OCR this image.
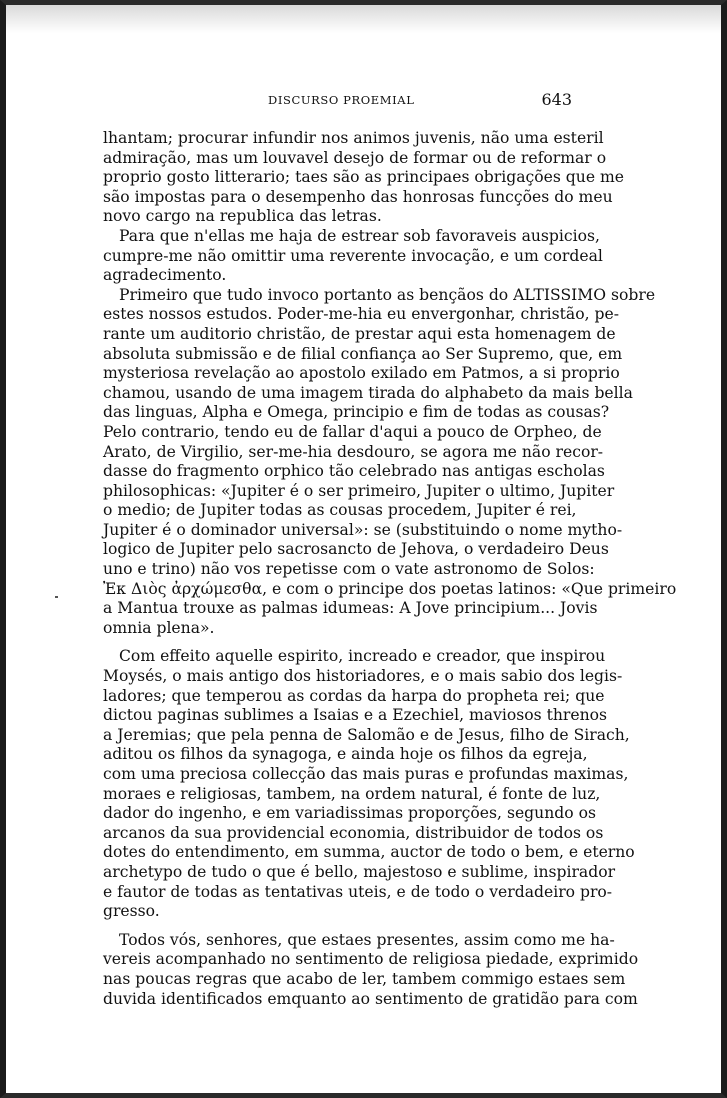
DISCURSO PROEMIAL	643
lhantam; procurar infundir nos animos juvenis, não uma esteril
admiração, mas um louvavel desejo de formar ou de reformar o
proprio gosto litterario; taes são as principaes obrigações que me
são impostas para o desempenho das honrosas funcções do meu
novo cargo na republica das letras.
Para que n'ellas me haja de estrear sob favoraveis auspicios,
cumpre-me não omittir uma reverente invocação, e um cordeal
agradecimento.
Primeiro que tudo invoco portanto as bençãos do ALTISSIMO sobre
estes nossos estudos. Poder-me-hia eu envergonhar, christão, pe-
rante um auditorio christão, de prestar aqui esta homenagem de
absoluta submissão e de filial confiança ao Ser Supremo, que, em
mysteriosa revelação ao apostolo exilado em Patmos, a si proprio
chamou, usando de uma imagem tirada do alphabeto da mais bella
das linguas, Alpha e Omega, principio e fim de todas as cousas?
Pelo contrario, tendo eu de fallar d'aqui a pouco de Orpheo, de
Arato, de Virgilio, ser-me-hia desdouro, se agora me não recor-
dasse do fragmento orphico tão celebrado nas antigas escholas
philosophicas: «Jupiter é o ser primeiro, Jupiter o ultimo, Jupiter
o medio; de Jupiter todas as cousas procedem, Jupiter é rei,
Jupiter é o dominador universal»: se (substituindo o nome mytho-
logico de Jupiter pelo sacrosancto de Jehova, o verdadeiro Deus
uno e trino) não vos repetisse com o vate astronomo de Solos:
Ἐκ Διὸς ἀρχώμεσθα, e com o principe dos poetas latinos: «Que primeiro
a Mantua trouxe as palmas idumeas: A Jove principium... Jovis
omnia plena».
Com effeito aquelle espirito, increado e creador, que inspirou
Moysés, o mais antigo dos historiadores, e o mais sabio dos legis-
ladores; que temperou as cordas da harpa do propheta rei; que
dictou paginas sublimes a Isaias e a Ezechiel, maviosos threnos
a Jeremias; que pela penna de Salomão e de Jesus, filho de Sirach,
aditou os filhos da synagoga, e ainda hoje os filhos da egreja,
com uma preciosa collecção das mais puras e profundas maximas,
moraes e religiosas, tambem, na ordem natural, é fonte de luz,
dador do ingenho, e em variadissimas proporções, segundo os
arcanos da sua providencial economia, distribuidor de todos os
dotes do entendimento, em summa, auctor de todo o bem, e eterno
archetypo de tudo o que é bello, majestoso e sublime, inspirador
e fautor de todas as tentativas uteis, e de todo o verdadeiro pro-
gresso.
Todos vós, senhores, que estaes presentes, assim como me ha-
vereis acompanhado no sentimento de religiosa piedade, exprimido
nas poucas regras que acabo de ler, tambem commigo estaes sem
duvida identificados emquanto ao sentimento de gratidão para com
